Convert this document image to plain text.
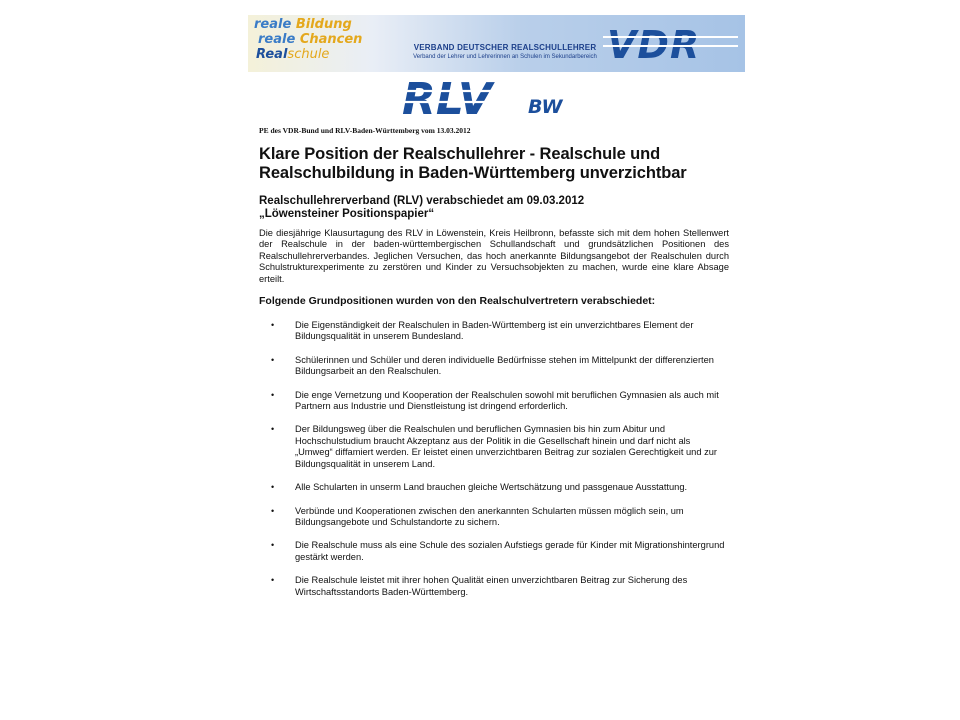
reale Bildung
reale Chancen
Realschule	VERBAND DEUTSCHER REALSCHULLEHRER
Verband der Lehrer und Lehrerinnen an Schulen im Sekundarbereich VDR
RLV BW
PE des VDR-Bund und RLV-Baden-Württemberg vom 13.03.2012
Klare Position der Realschullehrer - Realschule und Realschulbildung in Baden-Württemberg unverzichtbar
Realschullehrerverband (RLV) verabschiedet am 09.03.2012
„Löwensteiner Positionspapier“

Die diesjährige Klausurtagung des RLV in Löwenstein, Kreis Heilbronn, befasste sich mit dem hohen Stellenwert der Realschule in der baden-württembergischen Schullandschaft und grundsätzlichen Positionen des Realschullehrerverbandes. Jeglichen Versuchen, das hoch anerkannte Bildungsangebot der Realschulen durch Schulstrukturexperimente zu zerstören und Kinder zu Versuchsobjekten zu machen, wurde eine klare Absage erteilt.

Folgende Grundpositionen wurden von den Realschulvertretern verabschiedet:

• Die Eigenständigkeit der Realschulen in Baden-Württemberg ist ein unverzichtbares Element der Bildungsqualität in unserem Bundesland.
• Schülerinnen und Schüler und deren individuelle Bedürfnisse stehen im Mittelpunkt der differenzierten Bildungsarbeit an den Realschulen.
• Die enge Vernetzung und Kooperation der Realschulen sowohl mit beruflichen Gymnasien als auch mit Partnern aus Industrie und Dienstleistung ist dringend erforderlich.
• Der Bildungsweg über die Realschulen und beruflichen Gymnasien bis hin zum Abitur und Hochschulstudium braucht Akzeptanz aus der Politik in die Gesellschaft hinein und darf nicht als „Umweg“ diffamiert werden. Er leistet einen unverzichtbaren Beitrag zur sozialen Gerechtigkeit und zur Bildungsqualität in unserem Land.
• Alle Schularten in unserm Land brauchen gleiche Wertschätzung und passgenaue Ausstattung.
• Verbünde und Kooperationen zwischen den anerkannten Schularten müssen möglich sein, um Bildungsangebote und Schulstandorte zu sichern.
• Die Realschule muss als eine Schule des sozialen Aufstiegs gerade für Kinder mit Migrationshintergrund gestärkt werden.
• Die Realschule leistet mit ihrer hohen Qualität einen unverzichtbaren Beitrag zur Sicherung des Wirtschaftsstandorts Baden-Württemberg.
